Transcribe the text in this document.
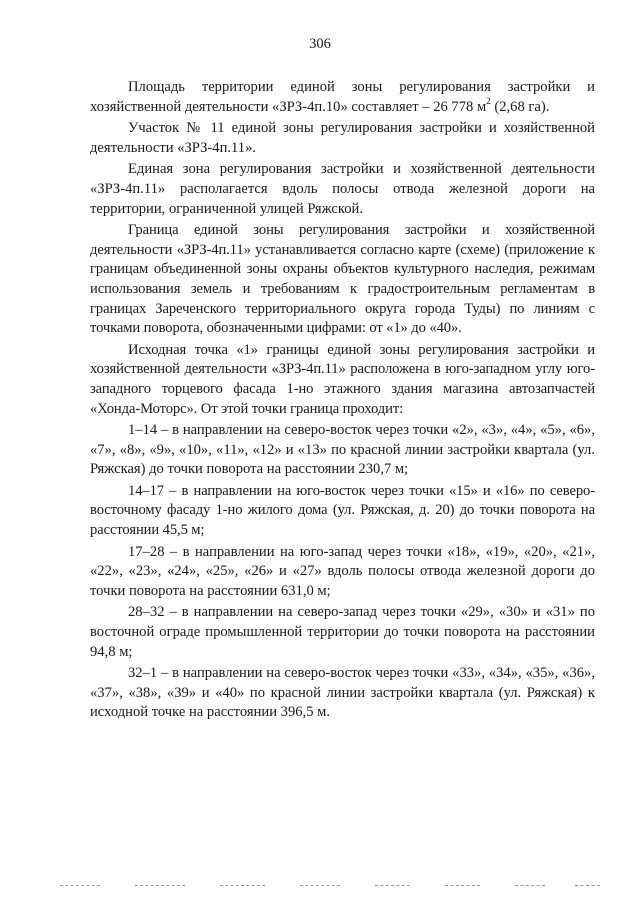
306

Площадь территории единой зоны регулирования застройки и хозяйственной деятельности «ЗРЗ-4п.10» составляет – 26 778 $м^2$ (2,68 га).

Участок № 11 единой зоны регулирования застройки и хозяйственной деятельности «ЗРЗ-4п.11».

Единая зона регулирования застройки и хозяйственной деятельности «ЗРЗ-4п.11» располагается вдоль полосы отвода железной дороги на территории, ограниченной улицей Ряжской.

Граница единой зоны регулирования застройки и хозяйственной деятельности «ЗРЗ-4п.11» устанавливается согласно карте (схеме) (приложение к границам объединенной зоны охраны объектов культурного наследия, режимам использования земель и требованиям к градостроительным регламентам в границах Зареченского территориального округа города Туды) по линиям с точками поворота, обозначенными цифрами: от «1» до «40».

Исходная точка «1» границы единой зоны регулирования застройки и хозяйственной деятельности «ЗРЗ-4п.11» расположена в юго-западном углу юго-западного торцевого фасада 1-но этажного здания магазина автозапчастей «Хонда-Моторс». От этой точки граница проходит:

1–14 – в направлении на северо-восток через точки «2», «3», «4», «5», «6», «7», «8», «9», «10», «11», «12» и «13» по красной линии застройки квартала (ул. Ряжская) до точки поворота на расстоянии 230,7 м;

14–17 – в направлении на юго-восток через точки «15» и «16» по северо-восточному фасаду 1-но жилого дома (ул. Ряжская, д. 20) до точки поворота на расстоянии 45,5 м;

17–28 – в направлении на юго-запад через точки «18», «19», «20», «21», «22», «23», «24», «25», «26» и «27» вдоль полосы отвода железной дороги до точки поворота на расстоянии 631,0 м;

28–32 – в направлении на северо-запад через точки «29», «30» и «31» по восточной ограде промышленной территории до точки поворота на расстоянии 94,8 м;

32–1 – в направлении на северо-восток через точки «33», «34», «35», «36», «37», «38», «39» и «40» по красной линии застройки квартала (ул. Ряжская) к исходной точке на расстоянии 396,5 м.
